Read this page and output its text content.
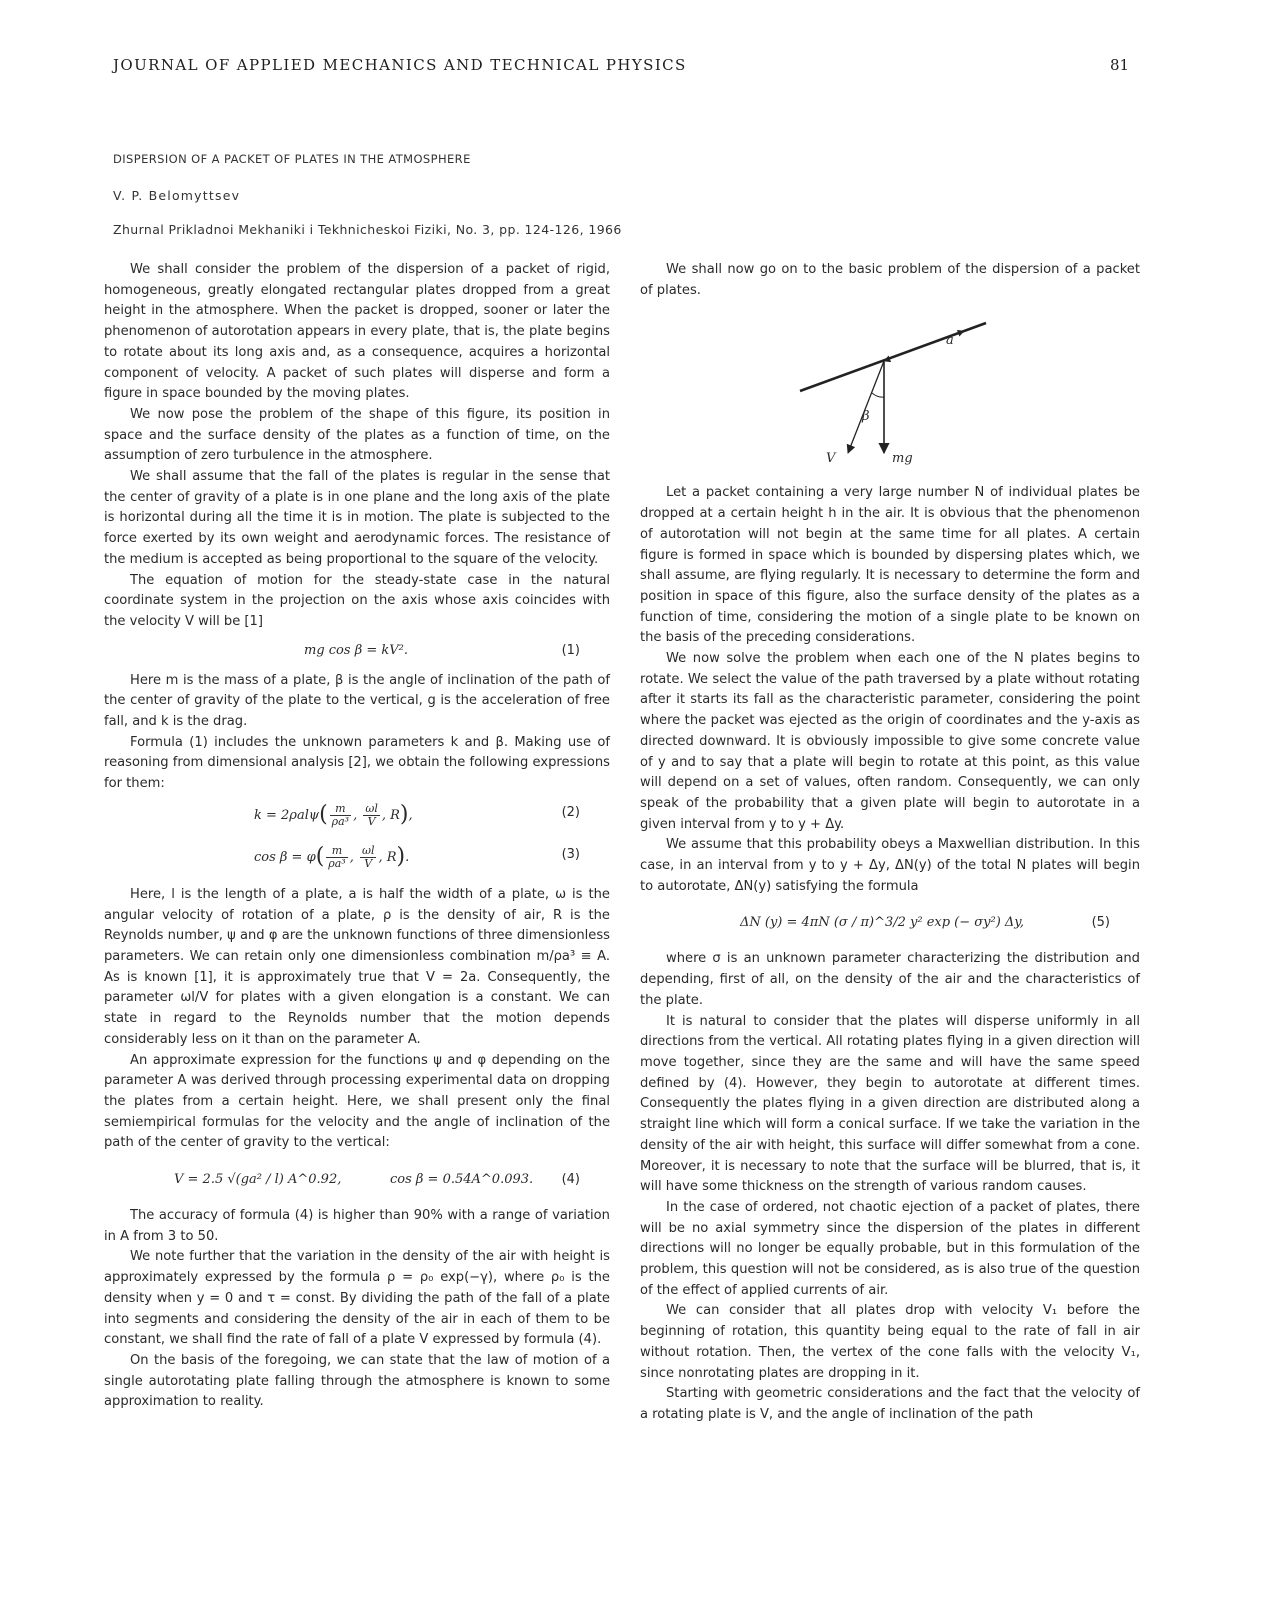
JOURNAL OF APPLIED MECHANICS AND TECHNICAL PHYSICS	81
DISPERSION OF A PACKET OF PLATES IN THE ATMOSPHERE
V. P. Belomyttsev
Zhurnal Prikladnoi Mekhaniki i Tekhnicheskoi Fiziki, No. 3, pp. 124-126, 1966

We shall consider the problem of the dispersion of a packet of rigid, homogeneous, greatly elongated rectangular plates dropped from a great height in the atmosphere. When the packet is dropped, sooner or later the phenomenon of autorotation appears in every plate, that is, the plate begins to rotate about its long axis and, as a consequence, acquires a horizontal component of velocity. A packet of such plates will disperse and form a figure in space bounded by the moving plates.

We now pose the problem of the shape of this figure, its position in space and the surface density of the plates as a function of time, on the assumption of zero turbulence in the atmosphere.

We shall assume that the fall of the plates is regular in the sense that the center of gravity of a plate is in one plane and the long axis of the plate is horizontal during all the time it is in motion. The plate is subjected to the force exerted by its own weight and aerodynamic forces. The resistance of the medium is accepted as being proportional to the square of the velocity.

The equation of motion for the steady-state case in the natural coordinate system in the projection on the axis whose axis coincides with the velocity V will be [1]

mg cos β = kV².	(1)

Here m is the mass of a plate, β is the angle of inclination of the path of the center of gravity of the plate to the vertical, g is the acceleration of free fall, and k is the drag.

Formula (1) includes the unknown parameters k and β. Making use of reasoning from dimensional analysis [2], we obtain the following expressions for them:

$k = 2\rho al\psi( \frac{m}{\text{ρa³}}$ , $\frac{\omega l}{V}$ , R),	(2)
$\cos \beta = \varphi( \frac{m}{\text{ρa³}}$ , $\frac{\omega l}{V}$ , R).	(3)

Here, l is the length of a plate, a is half the width of a plate, ω is the angular velocity of rotation of a plate, ρ is the density of air, R is the Reynolds number, ψ and φ are the unknown functions of three dimensionless parameters. We can retain only one dimensionless combination m/ρa³ ≡ A. As is known [1], it is approximately true that V = 2a. Consequently, the parameter ωl/V for plates with a given elongation is a constant. We can state in regard to the Reynolds number that the motion depends considerably less on it than on the parameter A.

An approximate expression for the functions ψ and φ depending on the parameter A was derived through processing experimental data on dropping the plates from a certain height. Here, we shall present only the final semiempirical formulas for the velocity and the angle of inclination of the path of the center of gravity to the vertical:

V = 2.5 √(ga² / l) A^0.92,	cos β = 0.54A^0.093. (4)

The accuracy of formula (4) is higher than 90% with a range of variation in A from 3 to 50.

We note further that the variation in the density of the air with height is approximately expressed by the formula ρ = ρ₀ exp(−γ), where ρ₀ is the density when y = 0 and τ = const. By dividing the path of the fall of a plate into segments and considering the density of the air in each of them to be constant, we shall find the rate of fall of a plate V expressed by formula (4).

On the basis of the foregoing, we can state that the law of motion of a single autorotating plate falling through the atmosphere is known to some approximation to reality.

We shall now go on to the basic problem of the dispersion of a packet of plates.

a
β
V	mg

Let a packet containing a very large number N of individual plates be dropped at a certain height h in the air. It is obvious that the phenomenon of autorotation will not begin at the same time for all plates. A certain figure is formed in space which is bounded by dispersing plates which, we shall assume, are flying regularly. It is necessary to determine the form and position in space of this figure, also the surface density of the plates as a function of time, considering the motion of a single plate to be known on the basis of the preceding considerations.

We now solve the problem when each one of the N plates begins to rotate. We select the value of the path traversed by a plate without rotating after it starts its fall as the characteristic parameter, considering the point where the packet was ejected as the origin of coordinates and the y-axis as directed downward. It is obviously impossible to give some concrete value of y and to say that a plate will begin to rotate at this point, as this value will depend on a set of values, often random. Consequently, we can only speak of the probability that a given plate will begin to autorotate in a given interval from y to y + Δy.

We assume that this probability obeys a Maxwellian distribution. In this case, in an interval from y to y + Δy, ΔN(y) of the total N plates will begin to autorotate, ΔN(y) satisfying the formula

ΔN (y) = 4πN (σ / π)^3/2 y² exp (− σy²) Δy,	(5)

where σ is an unknown parameter characterizing the distribution and depending, first of all, on the density of the air and the characteristics of the plate.

It is natural to consider that the plates will disperse uniformly in all directions from the vertical. All rotating plates flying in a given direction will move together, since they are the same and will have the same speed defined by (4). However, they begin to autorotate at different times. Consequently the plates flying in a given direction are distributed along a straight line which will form a conical surface. If we take the variation in the density of the air with height, this surface will differ somewhat from a cone. Moreover, it is necessary to note that the surface will be blurred, that is, it will have some thickness on the strength of various random causes.

In the case of ordered, not chaotic ejection of a packet of plates, there will be no axial symmetry since the dispersion of the plates in different directions will no longer be equally probable, but in this formulation of the problem, this question will not be considered, as is also true of the question of the effect of applied currents of air.

We can consider that all plates drop with velocity V₁ before the beginning of rotation, this quantity being equal to the rate of fall in air without rotation. Then, the vertex of the cone falls with the velocity V₁, since nonrotating plates are dropping in it.

Starting with geometric considerations and the fact that the velocity of a rotating plate is V, and the angle of inclination of the path
